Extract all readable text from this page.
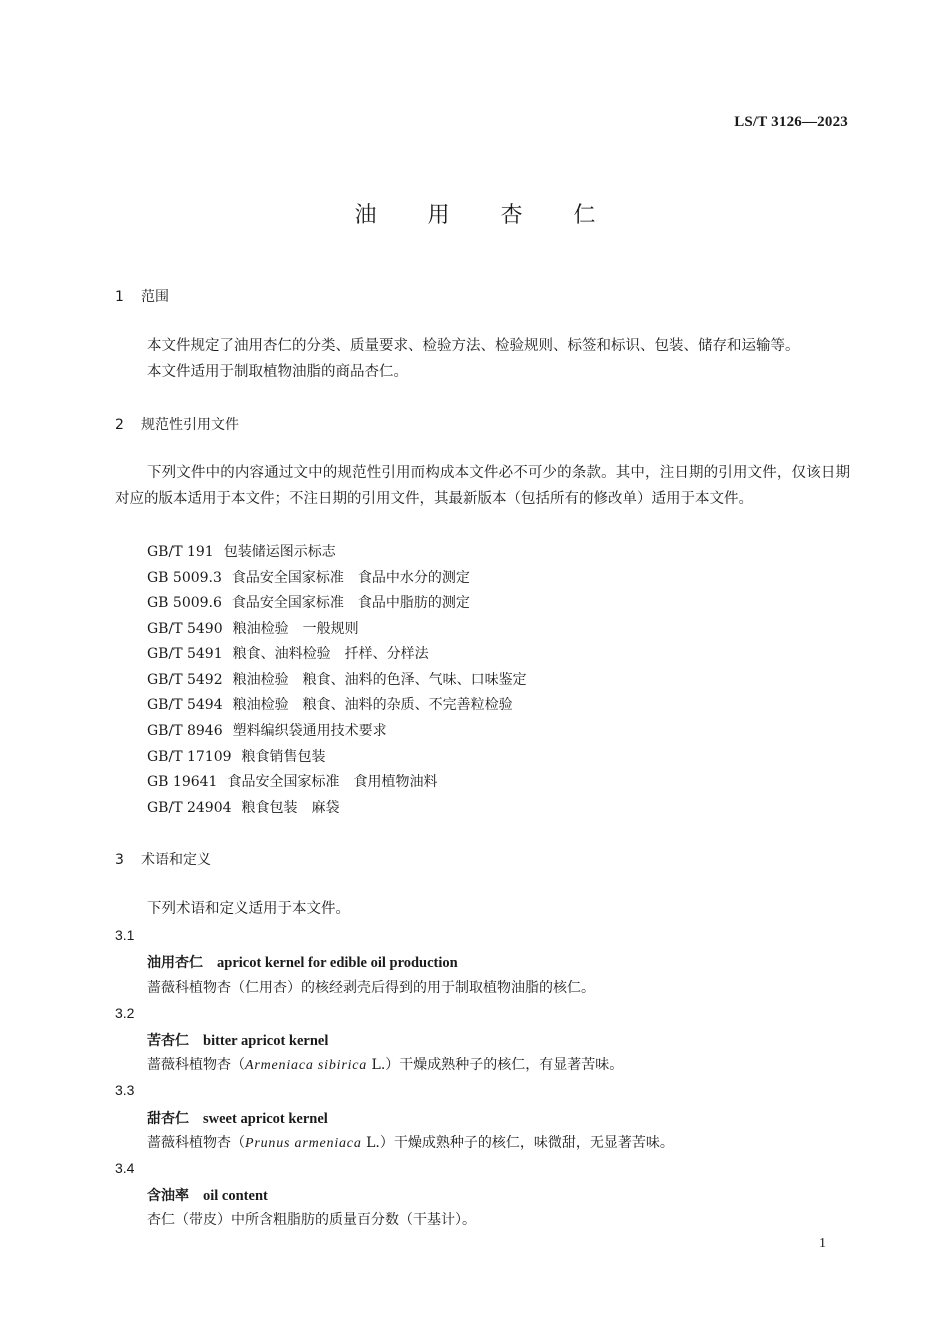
LS/T 3126—2023
油 用 杏 仁
1 范围
本文件规定了油用杏仁的分类、质量要求、检验方法、检验规则、标签和标识、包装、储存和运输等。
本文件适用于制取植物油脂的商品杏仁。
2 规范性引用文件
下列文件中的内容通过文中的规范性引用而构成本文件必不可少的条款。其中，注日期的引用文件，仅该日期对应的版本适用于本文件；不注日期的引用文件，其最新版本（包括所有的修改单）适用于本文件。
GB/T 191 包装储运图示标志
GB 5009.3 食品安全国家标准 食品中水分的测定
GB 5009.6 食品安全国家标准 食品中脂肪的测定
GB/T 5490 粮油检验 一般规则
GB/T 5491 粮食、油料检验 扦样、分样法
GB/T 5492 粮油检验 粮食、油料的色泽、气味、口味鉴定
GB/T 5494 粮油检验 粮食、油料的杂质、不完善粒检验
GB/T 8946 塑料编织袋通用技术要求
GB/T 17109 粮食销售包装
GB 19641 食品安全国家标准 食用植物油料
GB/T 24904 粮食包装 麻袋
3 术语和定义
下列术语和定义适用于本文件。
3.1
油用杏仁 apricot kernel for edible oil production
蔷薇科植物杏（仁用杏）的核经剥壳后得到的用于制取植物油脂的核仁。
3.2
苦杏仁 bitter apricot kernel
蔷薇科植物杏（Armeniaca sibirica L.）干燥成熟种子的核仁，有显著苦味。
3.3
甜杏仁 sweet apricot kernel
蔷薇科植物杏（Prunus armeniaca L.）干燥成熟种子的核仁，味微甜，无显著苦味。
3.4
含油率 oil content
杏仁（带皮）中所含粗脂肪的质量百分数（干基计）。
1
